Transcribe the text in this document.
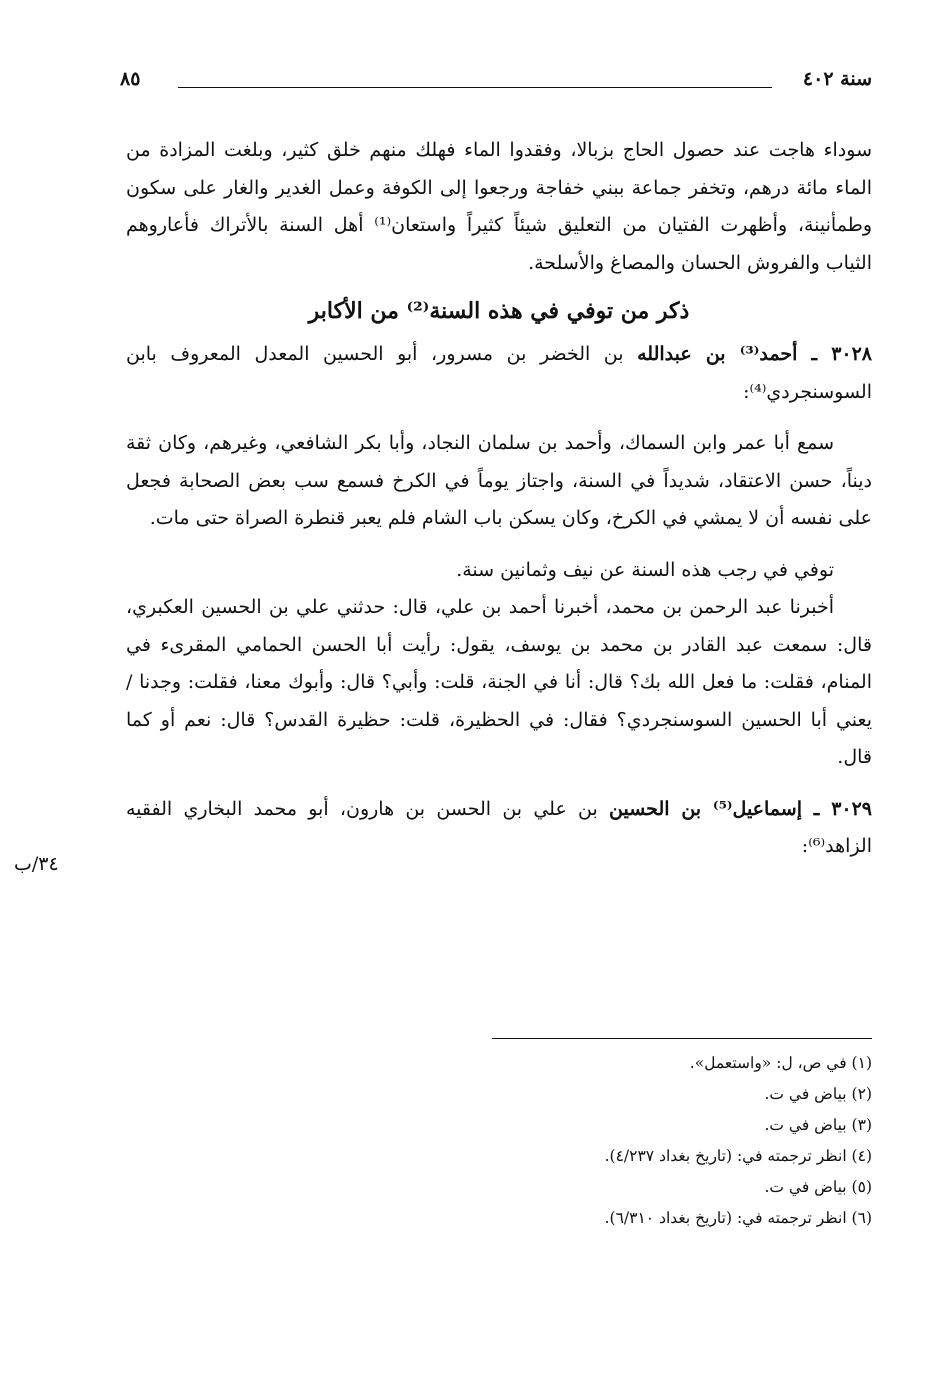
سنة ٤٠٢
٨٥

سوداء هاجت عند حصول الحاج بزبالا، وفقدوا الماء فهلك منهم خلق كثير، وبلغت المزادة من الماء مائة درهم، وتخفر جماعة ببني خفاجة ورجعوا إلى الكوفة وعمل الغدير والغار على سكون وطمأنينة، وأظهرت الفتيان من التعليق شيئاً كثيراً واستعان⁽¹⁾ أهل السنة بالأتراك فأعاروهم الثياب والفروش الحسان والمصاغ والأسلحة.

ذكر من توفي في هذه السنة⁽²⁾ من الأكابر

٣٠٢٨ ـ أحمد⁽³⁾ بن عبدالله بن الخضر بن مسرور، أبو الحسين المعدل المعروف بابن السوسنجردي⁽⁴⁾:

سمع أبا عمر وابن السماك، وأحمد بن سلمان النجاد، وأبا بكر الشافعي، وغيرهم، وكان ثقة ديناً، حسن الاعتقاد، شديداً في السنة، واجتاز يوماً في الكرخ فسمع سب بعض الصحابة فجعل على نفسه أن لا يمشي في الكرخ، وكان يسكن باب الشام فلم يعبر قنطرة الصراة حتى مات.

توفي في رجب هذه السنة عن نيف وثمانين سنة.

أخبرنا عبد الرحمن بن محمد، أخبرنا أحمد بن علي، قال: حدثني علي بن الحسين العكبري، قال: سمعت عبد القادر بن محمد بن يوسف، يقول: رأيت أبا الحسن الحمامي المقرىء في المنام، فقلت: ما فعل الله بك؟ قال: أنا في الجنة، قلت: وأبي؟ قال: وأبوك معنا، فقلت: وجدنا / يعني أبا الحسين السوسنجردي؟ فقال: في الحظيرة، قلت: حظيرة القدس؟ قال: نعم أو كما قال.

٣٠٢٩ ـ إسماعيل⁽⁵⁾ بن الحسين بن علي بن الحسن بن هارون، أبو محمد البخاري الفقيه الزاهد⁽⁶⁾:

٣٤/ب
(١) في ص، ل: «واستعمل».
(٢) بياض في ت.
(٣) بياض في ت.
(٤) انظر ترجمته في: (تاريخ بغداد ٤/٢٣٧).
(٥) بياض في ت.
(٦) انظر ترجمته في: (تاريخ بغداد ٦/٣١٠).
